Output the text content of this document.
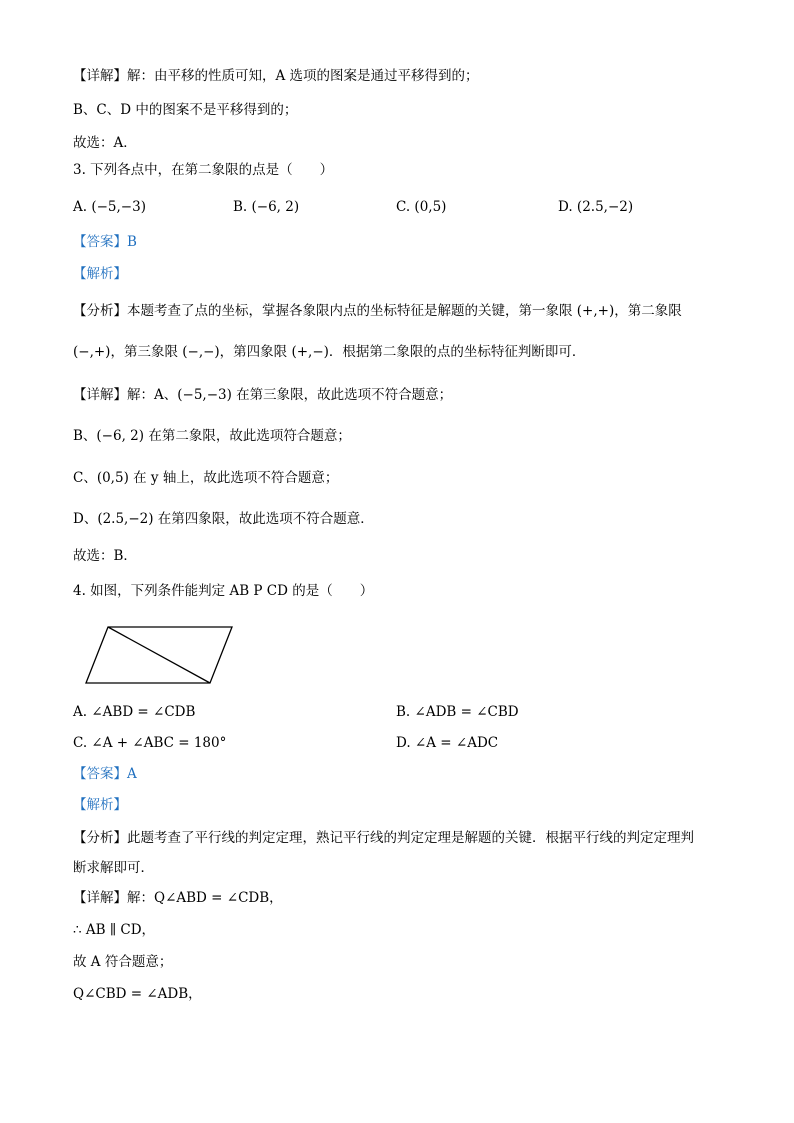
【详解】解：由平移的性质可知，A 选项的图案是通过平移得到的；
B、C、D 中的图案不是平移得到的；
故选：A．
3. 下列各点中，在第二象限的点是（　　）
A. (−5,−3)	B. (−6, 2)	C. (0,5)	D. (2.5,−2)
【答案】B
【解析】
【分析】本题考查了点的坐标，掌握各象限内点的坐标特征是解题的关键，第一象限 (+,+)，第二象限
(−,+)，第三象限 (−,−)，第四象限 (+,−)．根据第二象限的点的坐标特征判断即可．
【详解】解：A、(−5,−3) 在第三象限，故此选项不符合题意；
B、(−6, 2) 在第二象限，故此选项符合题意；
C、(0,5) 在 y 轴上，故此选项不符合题意；
D、(2.5,−2) 在第四象限，故此选项不符合题意．
故选：B．
4. 如图，下列条件能判定 AB P CD 的是（　　）
A. ∠ABD = ∠CDB	B. ∠ADB = ∠CBD
C. ∠A + ∠ABC = 180°	D. ∠A = ∠ADC
【答案】A
【解析】
【分析】此题考查了平行线的判定定理，熟记平行线的判定定理是解题的关键．根据平行线的判定定理判
断求解即可．
【详解】解：Q∠ABD = ∠CDB，
∴ AB ∥ CD，
故 A 符合题意；
Q∠CBD = ∠ADB，
